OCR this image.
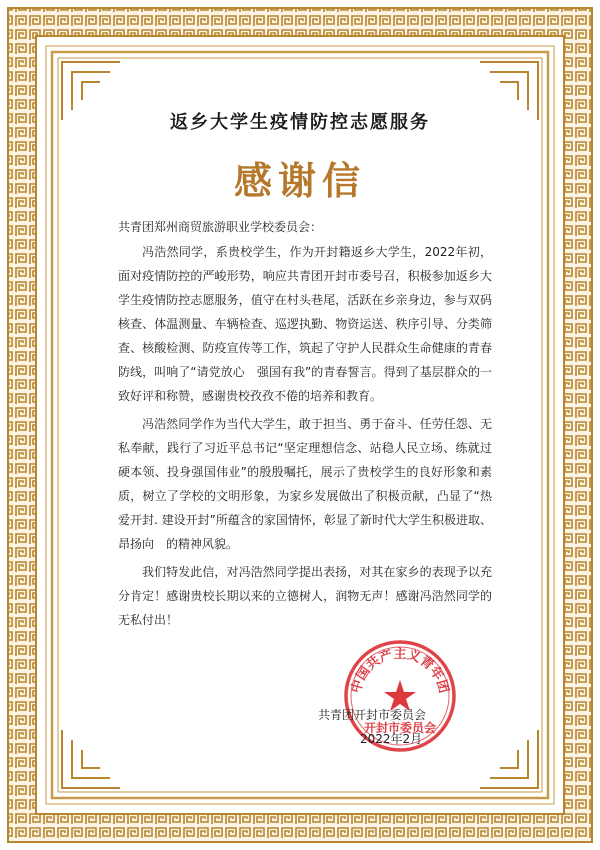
返乡大学生疫情防控志愿服务
感谢信
共青团郑州商贸旅游职业学校委员会：

冯浩然同学，系贵校学生，作为开封籍返乡大学生，2022年初，面对疫情防控的严峻形势，响应共青团开封市委号召，积极参加返乡大学生疫情防控志愿服务，值守在村头巷尾，活跃在乡亲身边，参与双码核查、体温测量、车辆检查、巡逻执勤、物资运送、秩序引导、分类筛查、核酸检测、防疫宣传等工作，筑起了守护人民群众生命健康的青春防线，叫响了“请党放心　强国有我”的青春誓言。得到了基层群众的一致好评和称赞，感谢贵校孜孜不倦的培养和教育。

冯浩然同学作为当代大学生，敢于担当、勇于奋斗、任劳任怨、无私奉献，践行了习近平总书记“坚定理想信念、站稳人民立场、练就过硬本领、投身强国伟业”的殷殷嘱托，展示了贵校学生的良好形象和素质，树立了学校的文明形象，为家乡发展做出了积极贡献，凸显了“热爱开封. 建设开封”所蕴含的家国情怀，彰显了新时代大学生积极进取、昂扬向　的精神风貌。

我们特发此信，对冯浩然同学提出表扬，对其在家乡的表现予以充分肯定！感谢贵校长期以来的立德树人，润物无声！感谢冯浩然同学的无私付出！

中国共产主义青年团
开封市委员会
共青团开封市委员会
2022年2月
